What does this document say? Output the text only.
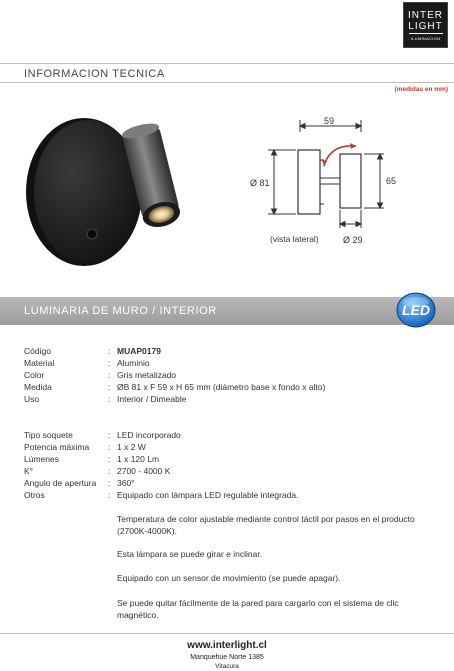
INTER
LIGHT
ILUMINACION
INFORMACION TECNICA
(medidas en mm)
59
Ø 81	65
Ø 29
(vista lateral)
LUMINARIA DE MURO / INTERIOR	LED
Código	: MUAP0179
Material	: Aluminio
Color	: Gris metalizado
Medida	: ØB 81 x F 59 x H 65 mm (diámetro base x fondo x alto)
Uso	: Interior / Dimeable
Tipo soquete	: LED incorporado
Potencia máxima : 1 x 2 W
Lúmenes	: 1 x 120 Lm
K°	: 2700 - 4000 K
Angulo de apertura : 360°
Otros	: Equipado con lámpara LED regulable integrada.
Temperatura de color ajustable mediante control táctil por pasos en el producto (2700K-4000K).
Esta lámpara se puede girar e inclinar.
Equipado con un sensor de movimiento (se puede apagar).
Se puede quitar fácilmente de la pared para cargarlo con el sistema de clic magnético.
www.interlight.cl
Manquehue Norte 1385
Vitacura
